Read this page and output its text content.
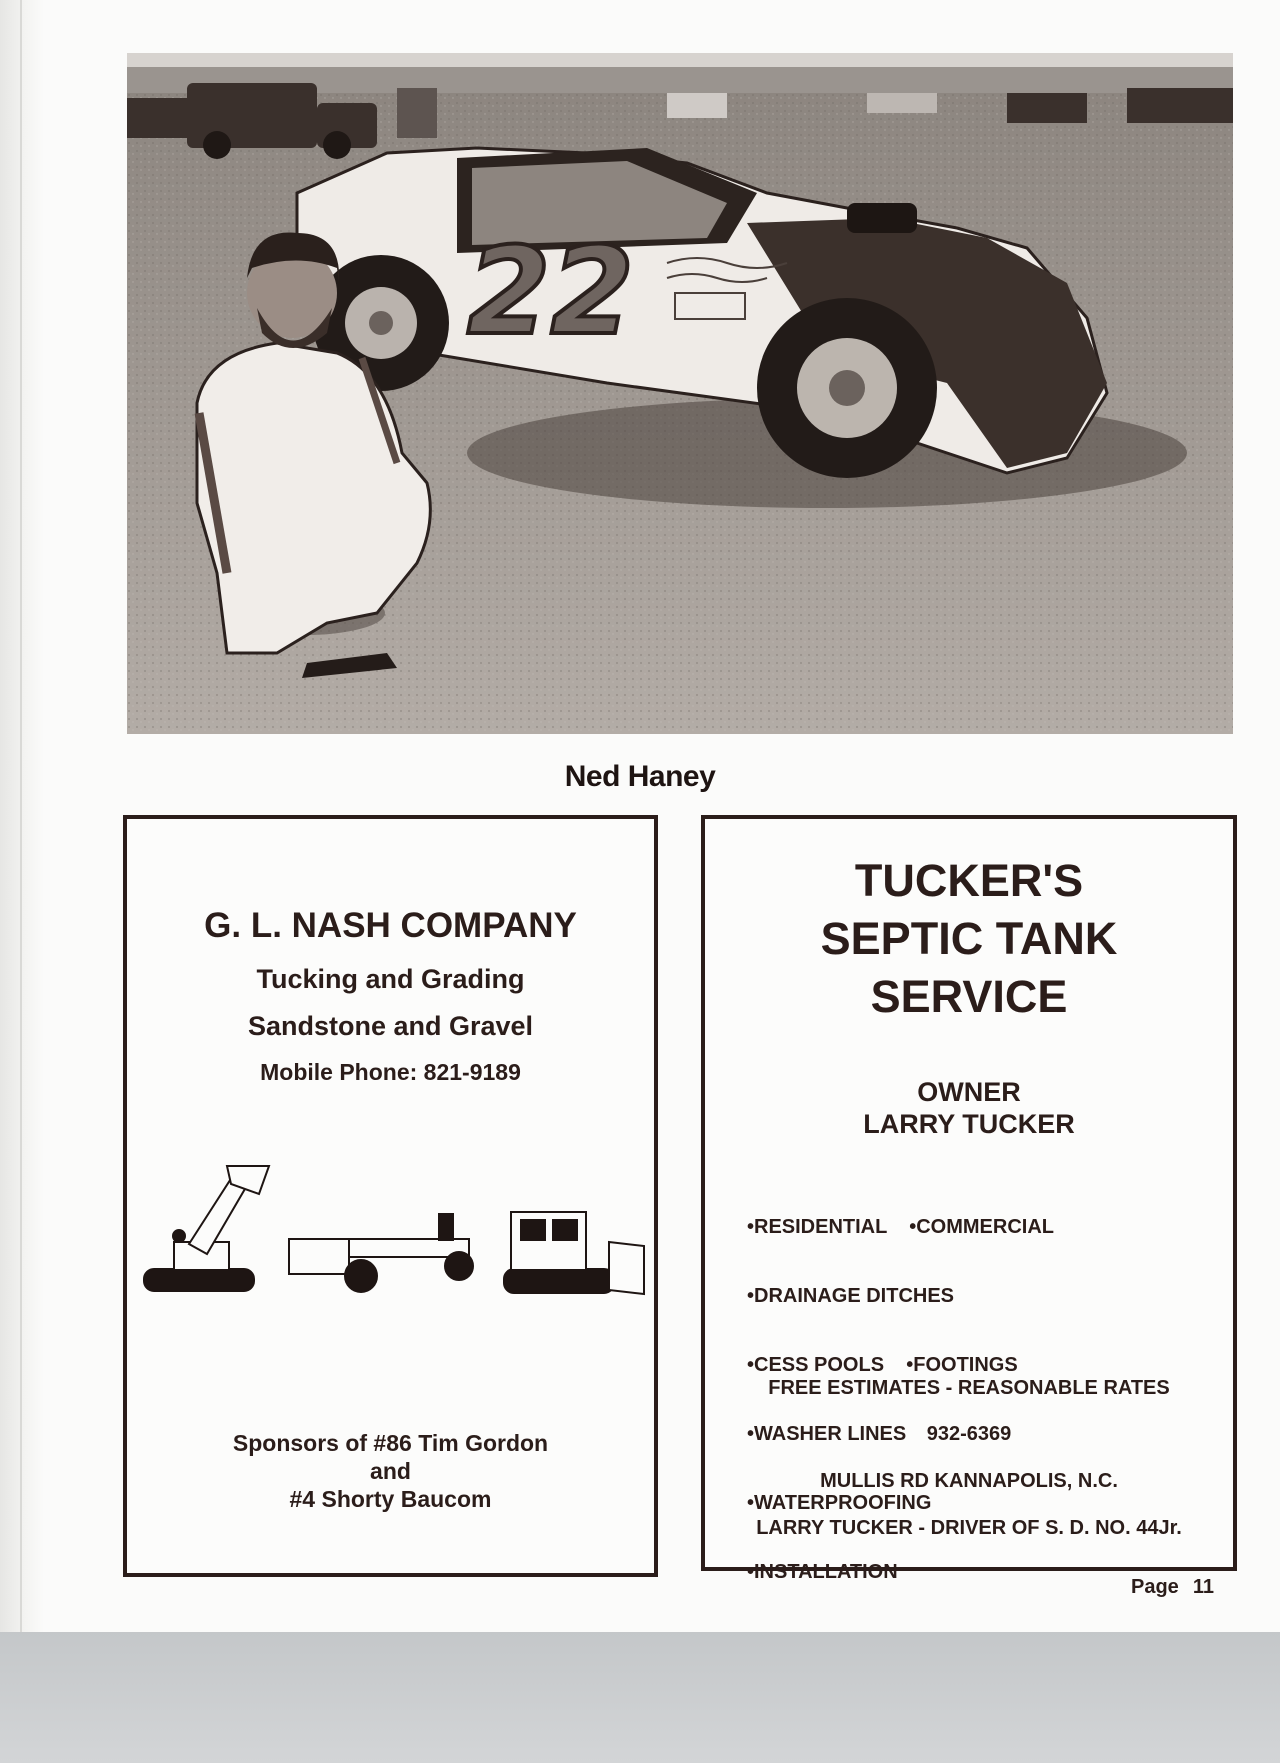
22
Ned Haney
G. L. NASH COMPANY
Tucking and Grading
Sandstone and Gravel
Mobile Phone: 821-9189
Sponsors of #86 Tim Gordon
and
#4 Shorty Baucom
TUCKER'S
SEPTIC TANK
SERVICE
OWNER
LARRY TUCKER

•RESIDENTIAL    •COMMERCIAL

•DRAINAGE DITCHES

•CESS POOLS    •FOOTINGS

•WASHER LINES

•WATERPROOFING

•INSTALLATION

FREE ESTIMATES - REASONABLE RATES
932-6369
MULLIS RD KANNAPOLIS, N.C.
LARRY TUCKER - DRIVER OF S. D. NO. 44Jr.
Page 11
